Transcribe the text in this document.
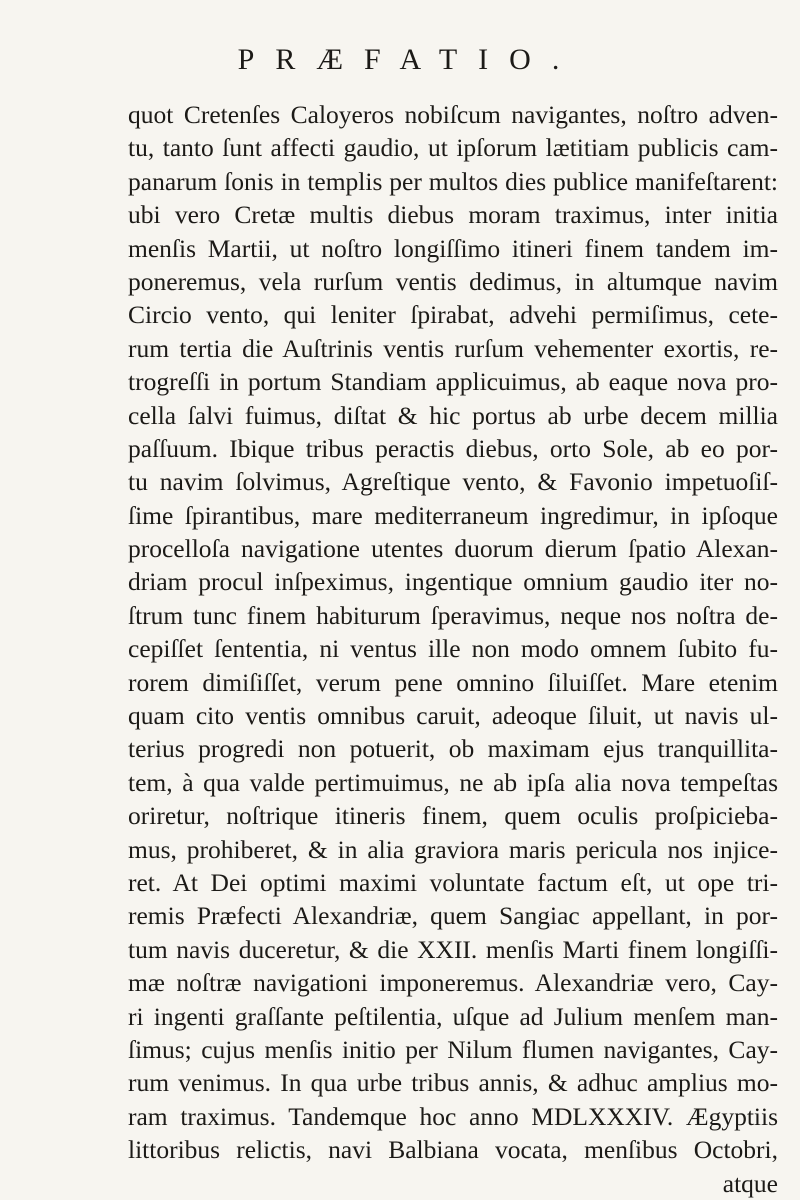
PRÆFATIO.
quot Cretenſes Caloyeros nobiſcum navigantes, noſtro adven-
tu, tanto ſunt affecti gaudio, ut ipſorum lætitiam publicis cam-
panarum ſonis in templis per multos dies publice manifeſtarent:
ubi vero Cretæ multis diebus moram traximus, inter initia
menſis Martii, ut noſtro longiſſimo itineri finem tandem im-
poneremus, vela rurſum ventis dedimus, in altumque navim
Circio vento, qui leniter ſpirabat, advehi permiſimus, cete-
rum tertia die Auſtrinis ventis rurſum vehementer exortis, re-
trogreſſi in portum Standiam applicuimus, ab eaque nova pro-
cella ſalvi fuimus, diſtat & hic portus ab urbe decem millia
paſſuum. Ibique tribus peractis diebus, orto Sole, ab eo por-
tu navim ſolvimus, Agreſtique vento, & Favonio impetuoſiſ-
ſime ſpirantibus, mare mediterraneum ingredimur, in ipſoque
procelloſa navigatione utentes duorum dierum ſpatio Alexan-
driam procul inſpeximus, ingentique omnium gaudio iter no-
ſtrum tunc finem habiturum ſperavimus, neque nos noſtra de-
cepiſſet ſententia, ni ventus ille non modo omnem ſubito fu-
rorem dimiſiſſet, verum pene omnino ſiluiſſet. Mare etenim
quam cito ventis omnibus caruit, adeoque ſiluit, ut navis ul-
terius progredi non potuerit, ob maximam ejus tranquillita-
tem, à qua valde pertimuimus, ne ab ipſa alia nova tempeſtas
oriretur, noſtrique itineris finem, quem oculis proſpicieba-
mus, prohiberet, & in alia graviora maris pericula nos injice-
ret. At Dei optimi maximi voluntate factum eſt, ut ope tri-
remis Præfecti Alexandriæ, quem Sangiac appellant, in por-
tum navis duceretur, & die XXII. menſis Marti finem longiſſi-
mæ noſtræ navigationi imponeremus. Alexandriæ vero, Cay-
ri ingenti graſſante peſtilentia, uſque ad Julium menſem man-
ſimus; cujus menſis initio per Nilum flumen navigantes, Cay-
rum venimus. In qua urbe tribus annis, & adhuc amplius mo-
ram traximus. Tandemque hoc anno MDLXXXIV. Ægyptiis
littoribus relictis, navi Balbiana vocata, menſibus Octobri,
atque
